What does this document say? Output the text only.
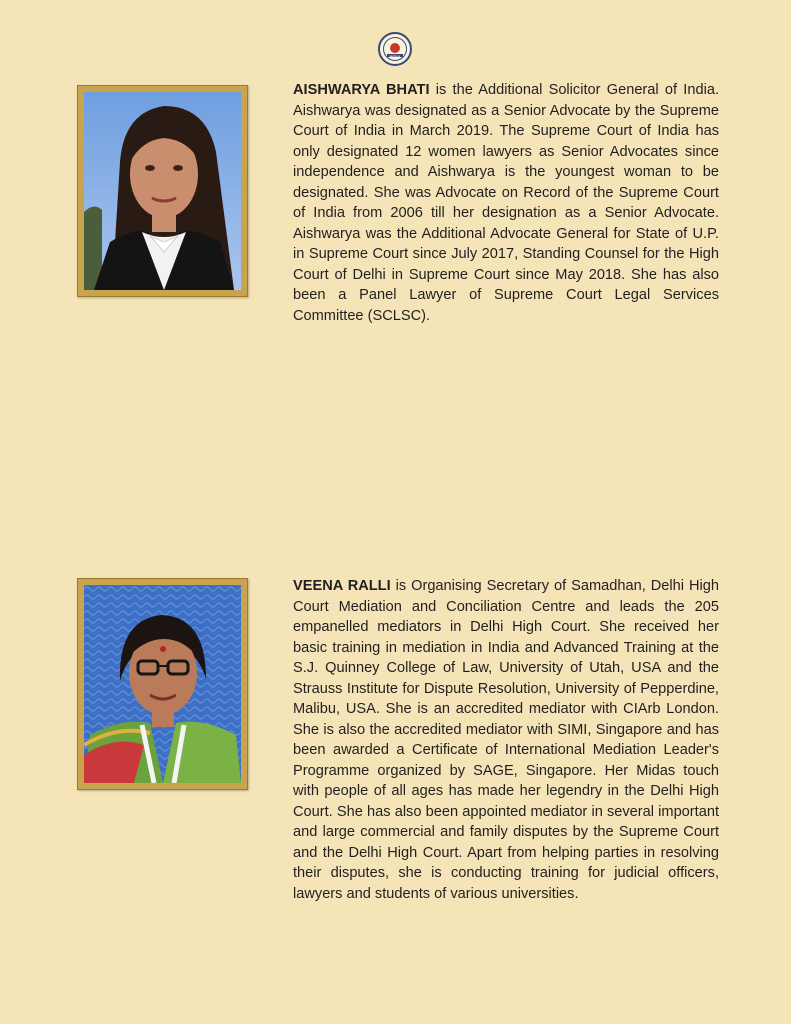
INDIA

AISHWARYA BHATI is the Additional Solicitor General of India. Aishwarya was designated as a Senior Advocate by the Supreme Court of India in March 2019. The Supreme Court of India has only designated 12 women lawyers as Senior Advocates since independence and Aishwarya is the youngest woman to be designated. She was Advocate on Record of the Supreme Court of India from 2006 till her designation as a Senior Advocate. Aishwarya was the Additional Advocate General for State of U.P. in Supreme Court since July 2017, Standing Counsel for the High Court of Delhi in Supreme Court since May 2018. She has also been a Panel Lawyer of Supreme Court Legal Services Committee (SCLSC).

VEENA RALLI is Organising Secretary of Samadhan, Delhi High Court Mediation and Conciliation Centre and leads the 205 empanelled mediators in Delhi High Court. She received her basic training in mediation in India and Advanced Training at the S.J. Quinney College of Law, University of Utah, USA and the Strauss Institute for Dispute Resolution, University of Pepperdine, Malibu, USA. She is an accredited mediator with CIArb London. She is also the accredited mediator with SIMI, Singapore and has been awarded a Certificate of International Mediation Leader's Programme organized by SAGE, Singapore. Her Midas touch with people of all ages has made her legendry in the Delhi High Court. She has also been appointed mediator in several important and large commercial and family disputes by the Supreme Court and the Delhi High Court. Apart from helping parties in resolving their disputes, she is conducting training for judicial officers, lawyers and students of various universities.
